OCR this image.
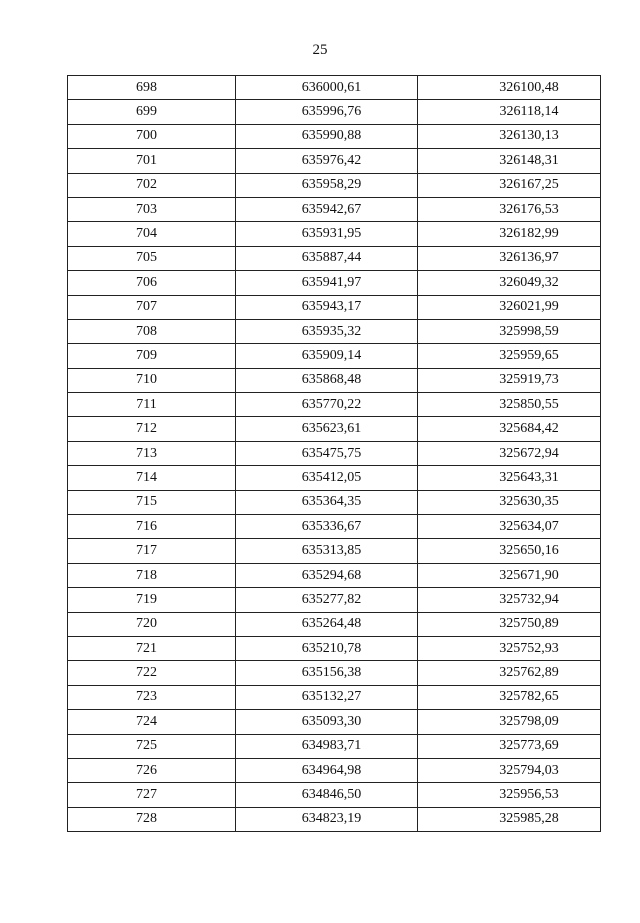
25
698	636000,61	326100,48
699	635996,76	326118,14
700	635990,88	326130,13
701	635976,42	326148,31
702	635958,29	326167,25
703	635942,67	326176,53
704	635931,95	326182,99
705	635887,44	326136,97
706	635941,97	326049,32
707	635943,17	326021,99
708	635935,32	325998,59
709	635909,14	325959,65
710	635868,48	325919,73
711	635770,22	325850,55
712	635623,61	325684,42
713	635475,75	325672,94
714	635412,05	325643,31
715	635364,35	325630,35
716	635336,67	325634,07
717	635313,85	325650,16
718	635294,68	325671,90
719	635277,82	325732,94
720	635264,48	325750,89
721	635210,78	325752,93
722	635156,38	325762,89
723	635132,27	325782,65
724	635093,30	325798,09
725	634983,71	325773,69
726	634964,98	325794,03
727	634846,50	325956,53
728	634823,19	325985,28
